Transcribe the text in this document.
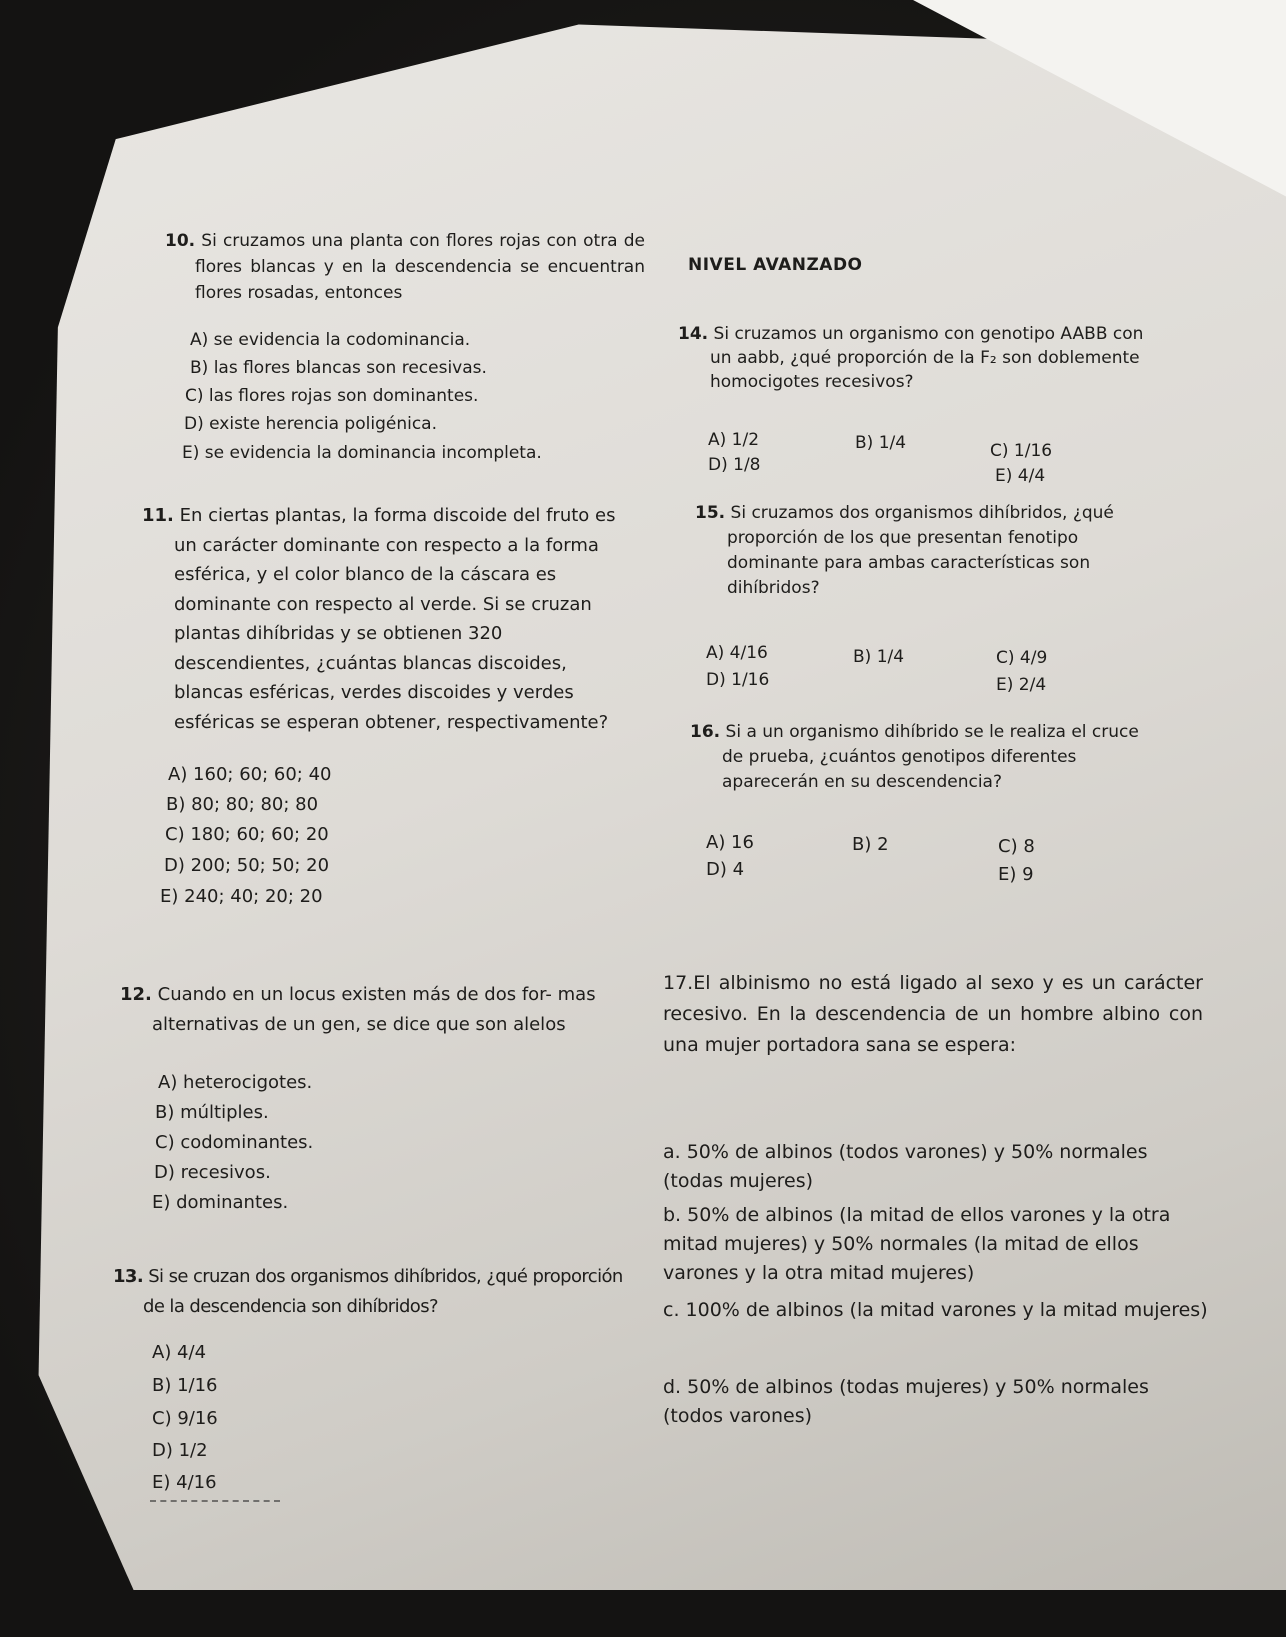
10. Si cruzamos una planta con flores rojas con otra de flores blancas y en la descendencia se encuentran flores rosadas, entonces

A) se evidencia la codominancia.
B) las flores blancas son recesivas.
C) las flores rojas son dominantes.
D) existe herencia poligénica.
E) se evidencia la dominancia incompleta.

11. En ciertas plantas, la forma discoide del fruto es un carácter dominante con respecto a la forma esférica, y el color blanco de la cáscara es dominante con respecto al verde. Si se cruzan plantas dihíbridas y se obtienen 320 descendientes, ¿cuántas blancas discoides, blancas esféricas, verdes discoides y verdes esféricas se esperan obtener, respectivamente?

A) 160; 60; 60; 40
B) 80; 80; 80; 80
C) 180; 60; 60; 20
D) 200; 50; 50; 20
E) 240; 40; 20; 20

12. Cuando en un locus existen más de dos for- mas alternativas de un gen, se dice que son alelos

A) heterocigotes.
B) múltiples.
C) codominantes.
D) recesivos.
E) dominantes.

13. Si se cruzan dos organismos dihíbridos, ¿qué proporción de la descendencia son dihíbridos?

A) 4/4
B) 1/16
C) 9/16
D) 1/2
E) 4/16
NIVEL AVANZADO

14. Si cruzamos un organismo con genotipo AABB con un aabb, ¿qué proporción de la F₂ son doblemente homocigotes recesivos?

A) 1/2	B) 1/4	C) 1/16
D) 1/8
E) 4/4

15. Si cruzamos dos organismos dihíbridos, ¿qué proporción de los que presentan fenotipo dominante para ambas características son dihíbridos?

A) 4/16	B) 1/4	C) 4/9
D) 1/16	E) 2/4

16. Si a un organismo dihíbrido se le realiza el cruce de prueba, ¿cuántos genotipos diferentes aparecerán en su descendencia?

A) 16	B) 2	C) 8
D) 4	E) 9

17.El albinismo no está ligado al sexo y es un carácter recesivo. En la descendencia de un hombre albino con una mujer portadora sana se espera:

a. 50% de albinos (todos varones) y 50% normales (todas mujeres)
b. 50% de albinos (la mitad de ellos varones y la otra mitad mujeres) y 50% normales (la mitad de ellos varones y la otra mitad mujeres)
c. 100% de albinos (la mitad varones y la mitad mujeres)
d. 50% de albinos (todas mujeres) y 50% normales (todos varones)
